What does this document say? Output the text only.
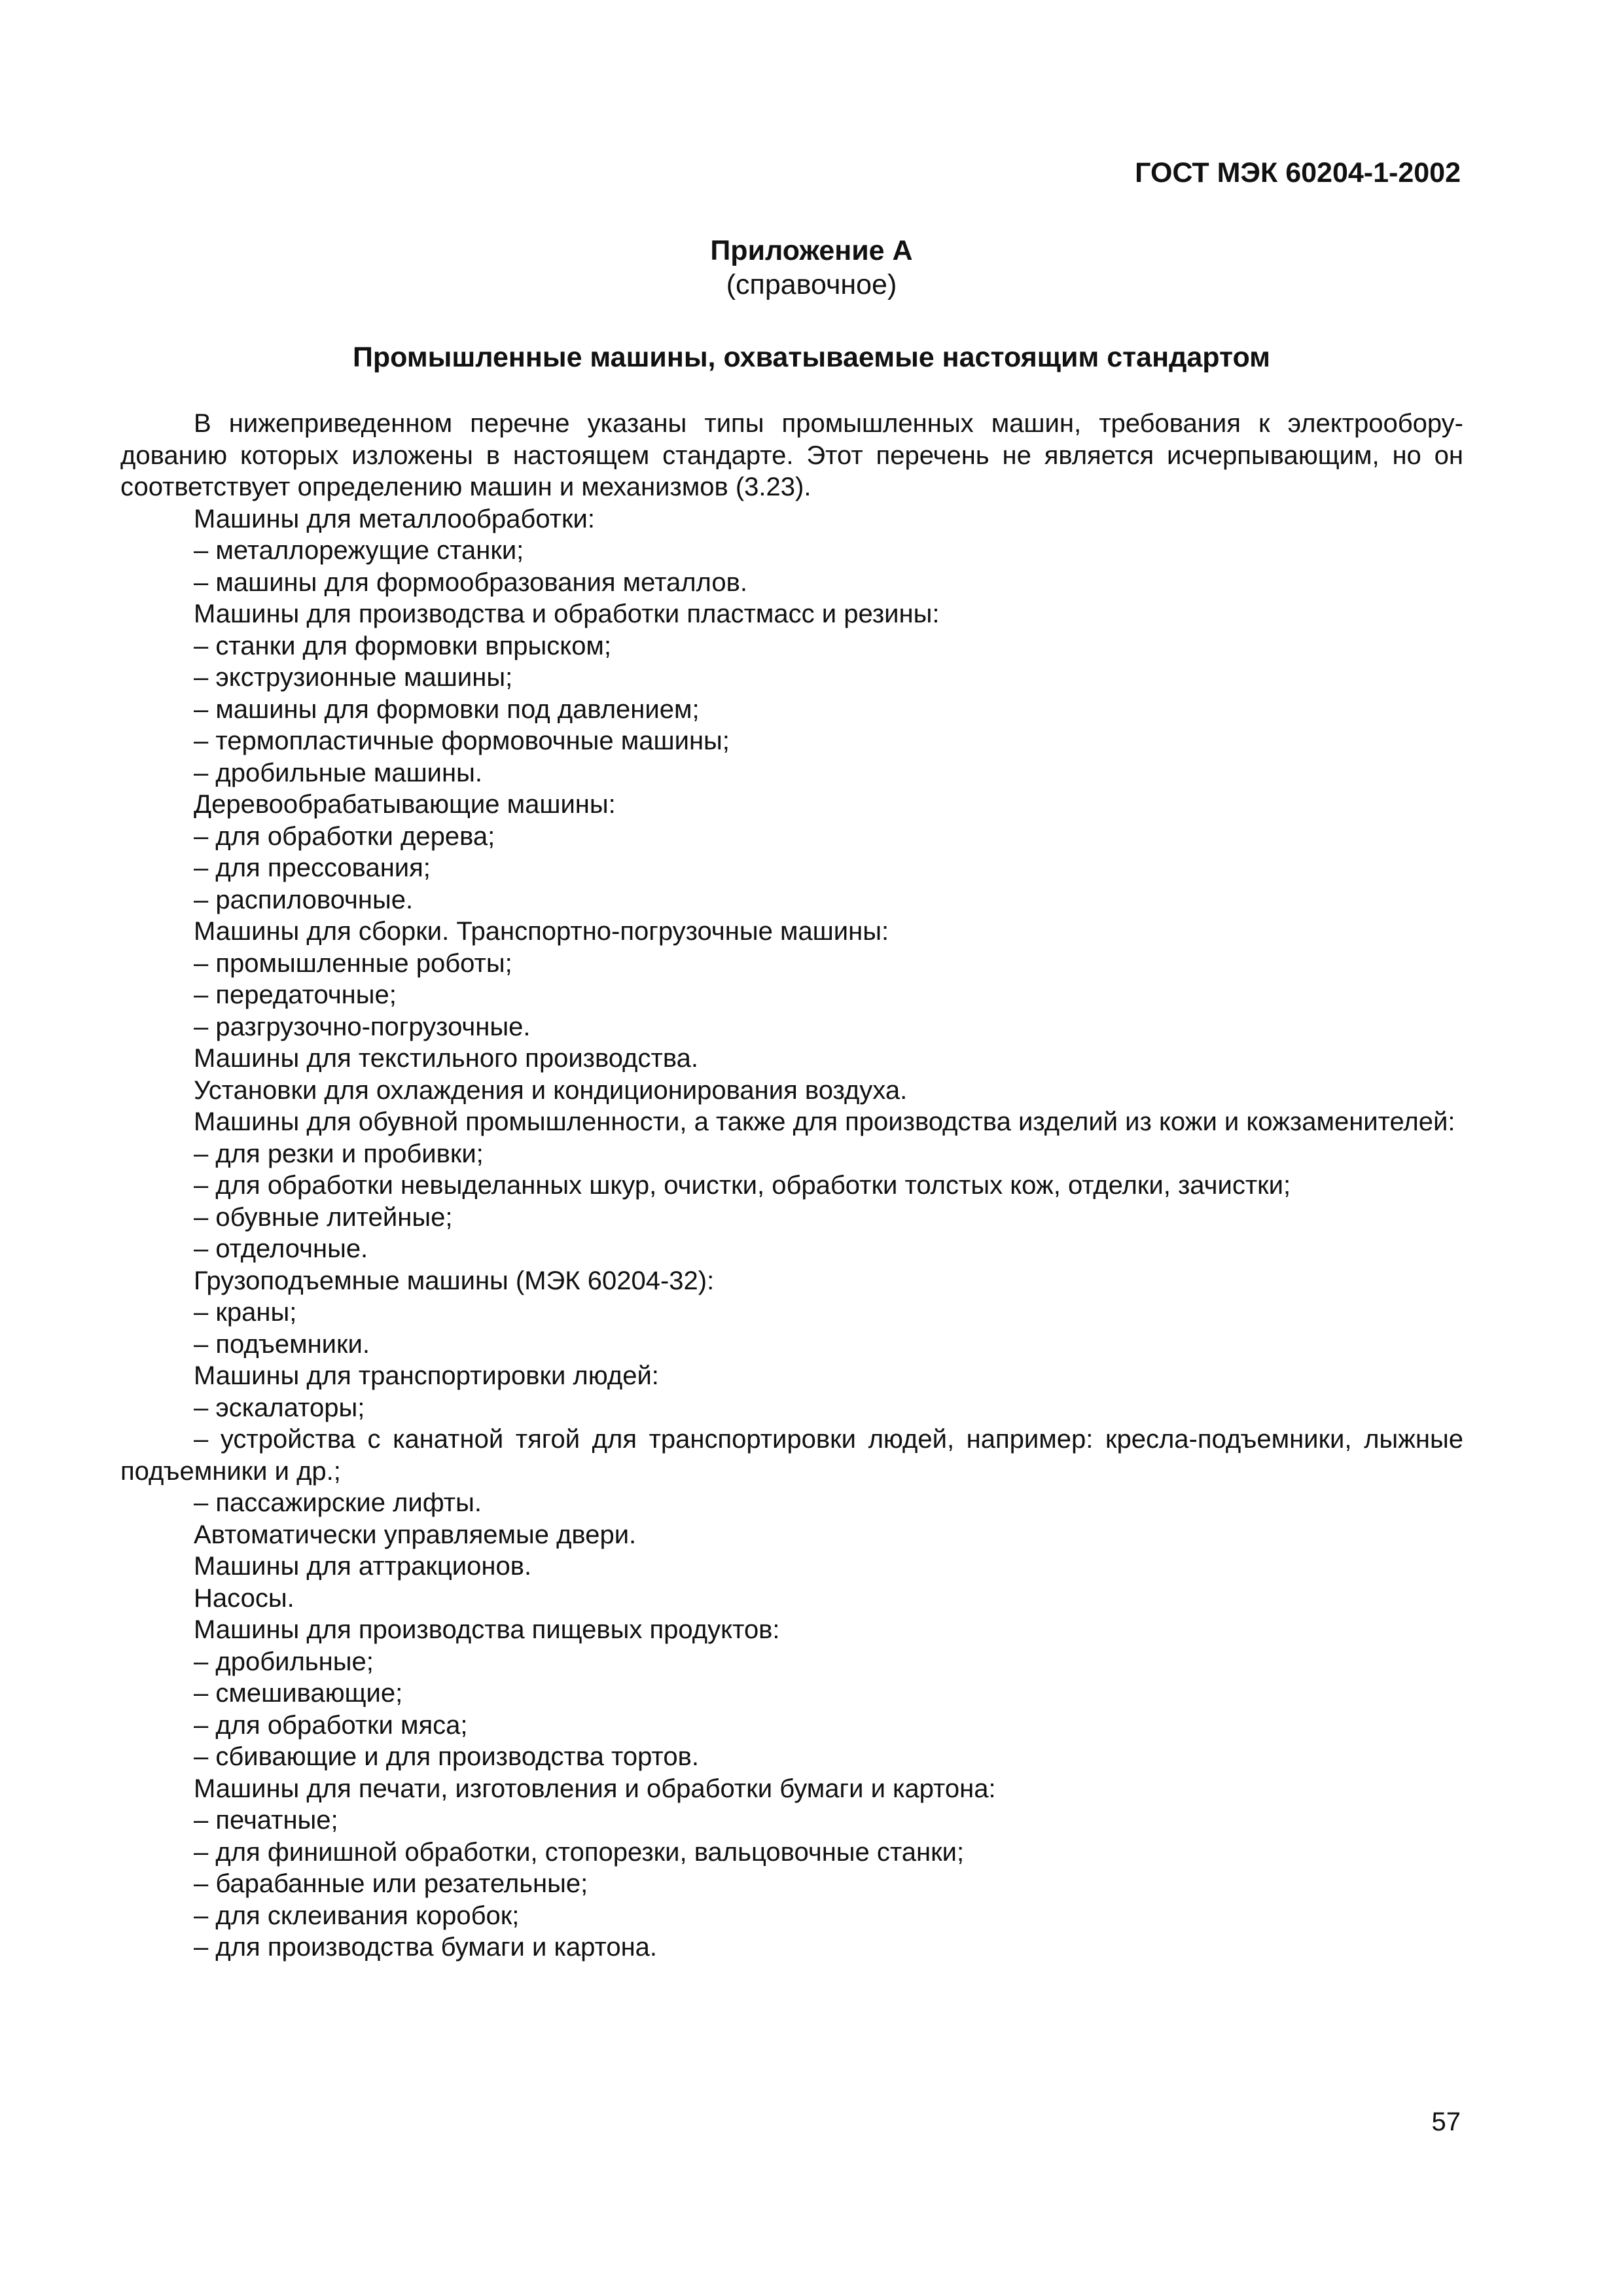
ГОСТ МЭК 60204-1-2002
Приложение А
(справочное)
Промышленные машины, охватываемые настоящим стандартом

В нижеприведенном перечне указаны типы промышленных машин, требования к электрооборудованию которых изложены в настоящем стандарте. Этот перечень не является исчерпывающим, но он соответствует определению машин и механизмов (3.23).

Машины для металлообработки:

– металлорежущие станки;

– машины для формообразования металлов.

Машины для производства и обработки пластмасс и резины:

– станки для формовки впрыском;

– экструзионные машины;

– машины для формовки под давлением;

– термопластичные формовочные машины;

– дробильные машины.

Деревообрабатывающие машины:

– для обработки дерева;

– для прессования;

– распиловочные.

Машины для сборки. Транспортно-погрузочные машины:

– промышленные роботы;

– передаточные;

– разгрузочно-погрузочные.

Машины для текстильного производства.

Установки для охлаждения и кондиционирования воздуха.

Машины для обувной промышленности, а также для производства изделий из кожи и кожзаменителей:

– для резки и пробивки;

– для обработки невыделанных шкур, очистки, обработки толстых кож, отделки, зачистки;

– обувные литейные;

– отделочные.

Грузоподъемные машины (МЭК 60204-32):

– краны;

– подъемники.

Машины для транспортировки людей:

– эскалаторы;

– устройства с канатной тягой для транспортировки людей, например: кресла-подъемники, лыжные подъемники и др.;

– пассажирские лифты.

Автоматически управляемые двери.

Машины для аттракционов.

Насосы.

Машины для производства пищевых продуктов:

– дробильные;

– смешивающие;

– для обработки мяса;

– сбивающие и для производства тортов.

Машины для печати, изготовления и обработки бумаги и картона:

– печатные;

– для финишной обработки, стопорезки, вальцовочные станки;

– барабанные или резательные;

– для склеивания коробок;

– для производства бумаги и картона.

57
